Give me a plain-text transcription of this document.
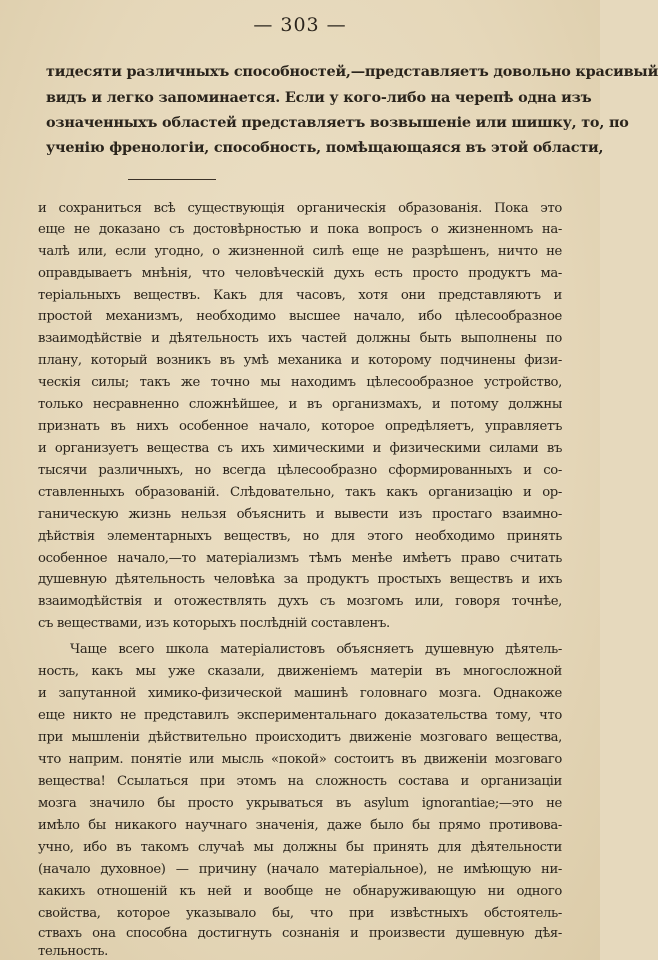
— 303 —
тидесяти различныхъ способностей,—представляетъ довольно красивый
видъ и легко запоминается. Если у кого-либо на черепѣ одна изъ
означенныхъ областей представляетъ возвышеніе или шишку, то, по
ученію френологіи, способность, помѣщающаяся въ этой области,
и сохраниться всѣ существующія органическія образованія. Пока это
еще не доказано съ достовѣрностью и пока вопросъ о жизненномъ на-
чалѣ или, если угодно, о жизненной силѣ еще не разрѣшенъ, ничто не
оправдываетъ мнѣнія, что человѣческій духъ есть просто продуктъ ма-
теріальныхъ веществъ. Какъ для часовъ, хотя они представляютъ и
простой механизмъ, необходимо высшее начало, ибо цѣлесообразное
взаимодѣйствіе и дѣятельность ихъ частей должны быть выполнены по
плану, который возникъ въ умѣ механика и которому подчинены физи-
ческія силы; такъ же точно мы находимъ цѣлесообразное устройство,
только несравненно сложнѣйшее, и въ организмахъ, и потому должны
признать въ нихъ особенное начало, которое опредѣляетъ, управляетъ
и организуетъ вещества съ ихъ химическими и физическими силами въ
тысячи различныхъ, но всегда цѣлесообразно сформированныхъ и со-
ставленныхъ образованій. Слѣдовательно, такъ какъ организацію и ор-
ганическую жизнь нельзя объяснить и вывести изъ простаго взаимно-
дѣйствія элементарныхъ веществъ, но для этого необходимо принять
особенное начало,—то матеріализмъ тѣмъ менѣе имѣетъ право считать
душевную дѣятельность человѣка за продуктъ простыхъ веществъ и ихъ
взаимодѣйствія и отожествлять духъ съ мозгомъ или, говоря точнѣе,
съ веществами, изъ которыхъ послѣдній составленъ.
Чаще всего школа матеріалистовъ объясняетъ душевную дѣятель-
ность, какъ мы уже сказали, движеніемъ матеріи въ многосложной
и запутанной химико-физической машинѣ головнаго мозга. Однакоже
еще никто не представилъ экспериментальнаго доказательства тому, что
при мышленіи дѣйствительно происходитъ движеніе мозговаго вещества,
что наприм. понятіе или мысль «покой» состоитъ въ движеніи мозговаго
вещества! Ссылаться при этомъ на сложность состава и организаціи
мозга значило бы просто укрываться въ asylum ignorantiae;—это не
имѣло бы никакого научнаго значенія, даже было бы прямо противова-
учно, ибо въ такомъ случаѣ мы должны бы принять для дѣятельности
(начало духовное) — причину (начало матеріальное), не имѣющую ни-
какихъ отношеній къ ней и вообще не обнаруживающую ни одного
свойства, которое указывало бы, что при извѣстныхъ обстоятель-
ствахъ она способна достигнуть сознанія и произвести душевную дѣя-
тельность.
